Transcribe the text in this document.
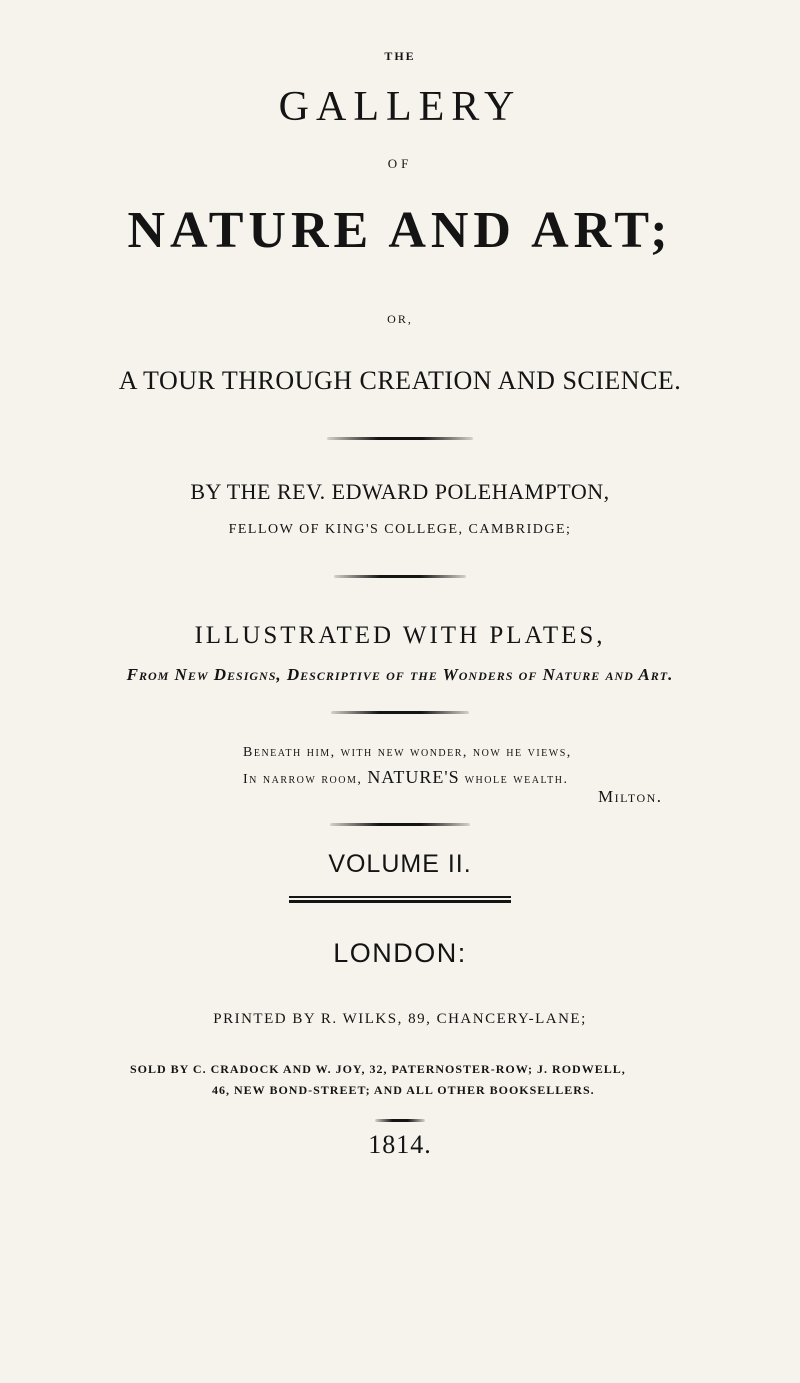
THE
GALLERY
OF
NATURE AND ART;
OR,
A TOUR THROUGH CREATION AND SCIENCE.
BY THE REV. EDWARD POLEHAMPTON,
FELLOW OF KING'S COLLEGE, CAMBRIDGE;
ILLUSTRATED WITH PLATES,
From New Designs, Descriptive of the Wonders of Nature and Art.
Beneath him, with new wonder, now he views,
In narrow room, NATURE'S whole wealth.
Milton.
VOLUME II.
LONDON:
PRINTED BY R. WILKS, 89, CHANCERY-LANE;
SOLD BY C. CRADOCK AND W. JOY, 32, PATERNOSTER-ROW; J. RODWELL,
46, NEW BOND-STREET; AND ALL OTHER BOOKSELLERS.
1814.
